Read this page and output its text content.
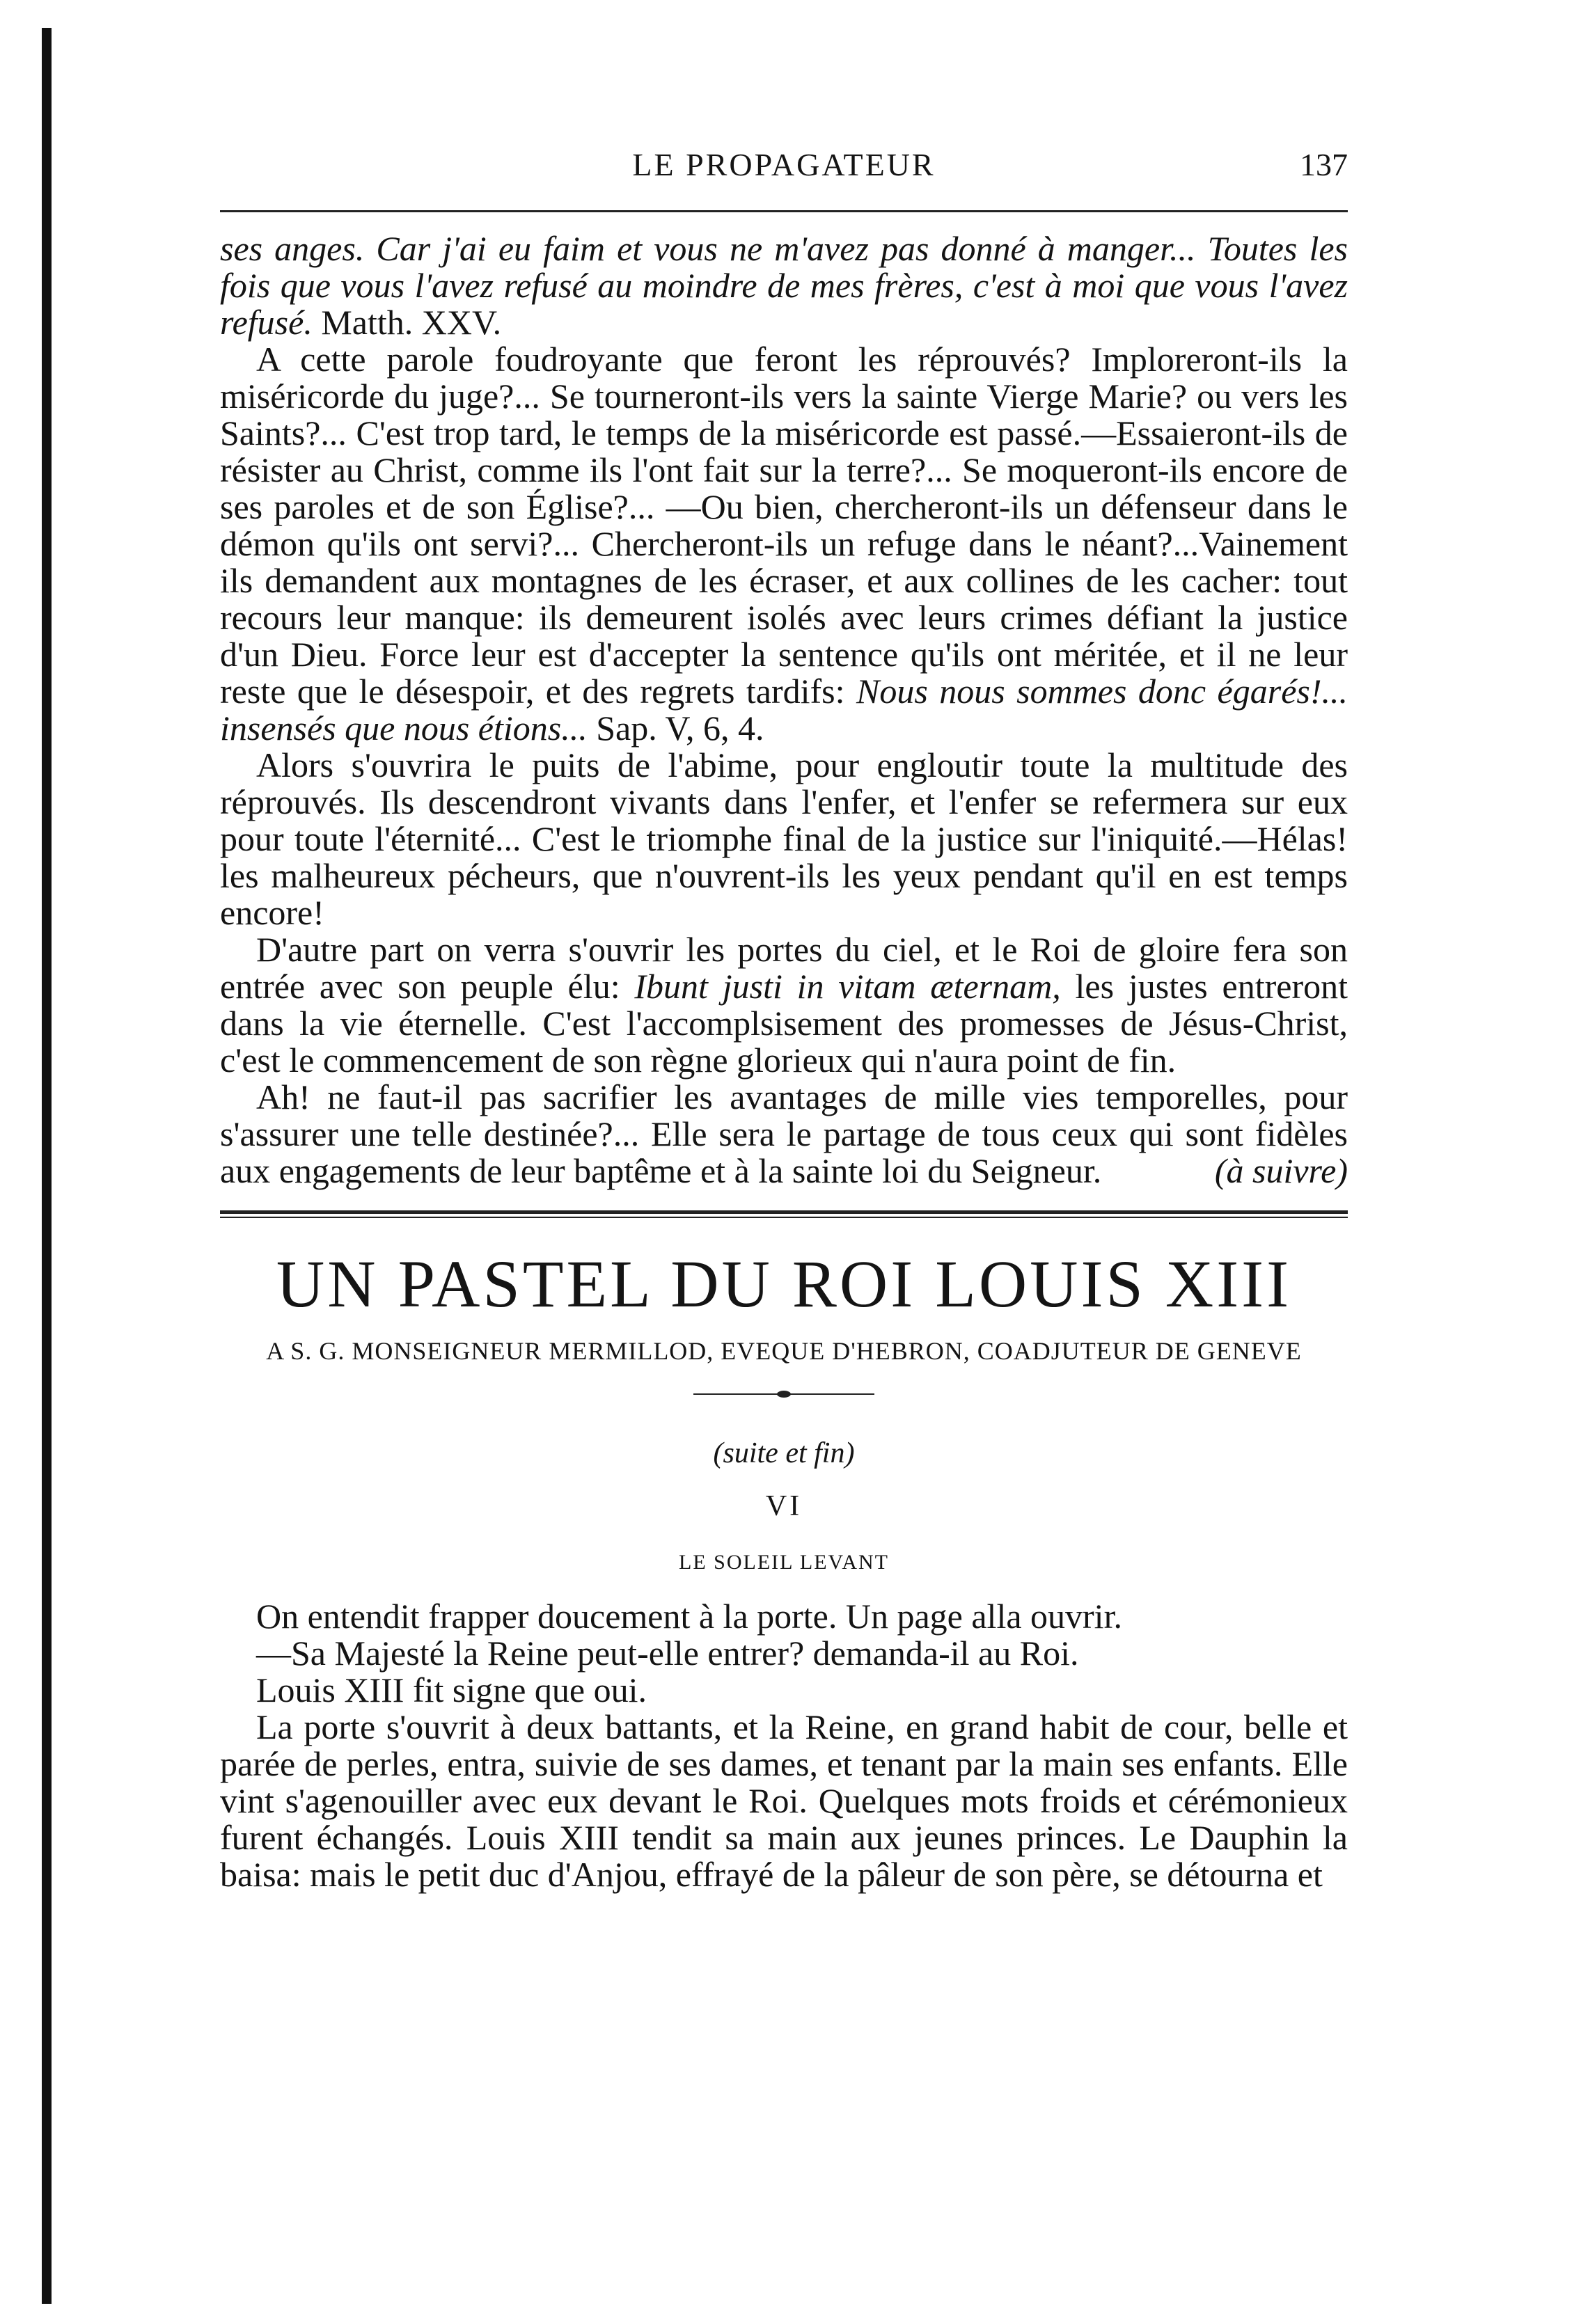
LE PROPAGATEUR	137

ses anges. Car j'ai eu faim et vous ne m'avez pas donné à manger... Toutes les fois que vous l'avez refusé au moindre de mes frères, c'est à moi que vous l'avez refusé. Matth. XXV.

A cette parole foudroyante que feront les réprouvés? Imploreront-ils la miséricorde du juge?... Se tourneront-ils vers la sainte Vierge Marie? ou vers les Saints?... C'est trop tard, le temps de la miséricorde est passé.—Essaieront-ils de résister au Christ, comme ils l'ont fait sur la terre?... Se moqueront-ils encore de ses paroles et de son Église?... —Ou bien, chercheront-ils un défenseur dans le démon qu'ils ont servi?... Chercheront-ils un refuge dans le néant?...Vainement ils demandent aux montagnes de les écraser, et aux collines de les cacher: tout recours leur manque: ils demeurent isolés avec leurs crimes défiant la justice d'un Dieu. Force leur est d'accepter la sentence qu'ils ont méritée, et il ne leur reste que le désespoir, et des regrets tardifs: Nous nous sommes donc égarés!... insensés que nous étions... Sap. V, 6, 4.

Alors s'ouvrira le puits de l'abime, pour engloutir toute la multitude des réprouvés. Ils descendront vivants dans l'enfer, et l'enfer se refermera sur eux pour toute l'éternité... C'est le triomphe final de la justice sur l'iniquité.—Hélas! les malheureux pécheurs, que n'ouvrent-ils les yeux pendant qu'il en est temps encore!

D'autre part on verra s'ouvrir les portes du ciel, et le Roi de gloire fera son entrée avec son peuple élu: Ibunt justi in vitam æternam, les justes entreront dans la vie éternelle. C'est l'accomplsisement des promesses de Jésus-Christ, c'est le commencement de son règne glorieux qui n'aura point de fin.

Ah! ne faut-il pas sacrifier les avantages de mille vies temporelles, pour s'assurer une telle destinée?... Elle sera le partage de tous ceux qui sont fidèles aux engagements de leur baptême et à la sainte loi du Seigneur.	(à suivre)
UN PASTEL DU ROI LOUIS XIII
A S. G. MONSEIGNEUR MERMILLOD, EVEQUE D'HEBRON, COADJUTEUR DE GENEVE
(suite et fin)
VI
LE SOLEIL LEVANT

On entendit frapper doucement à la porte. Un page alla ouvrir.

—Sa Majesté la Reine peut-elle entrer? demanda-il au Roi.

Louis XIII fit signe que oui.

La porte s'ouvrit à deux battants, et la Reine, en grand habit de cour, belle et parée de perles, entra, suivie de ses dames, et tenant par la main ses enfants. Elle vint s'agenouiller avec eux devant le Roi. Quelques mots froids et cérémonieux furent échangés. Louis XIII tendit sa main aux jeunes princes. Le Dauphin la baisa: mais le petit duc d'Anjou, effrayé de la pâleur de son père, se détourna et
